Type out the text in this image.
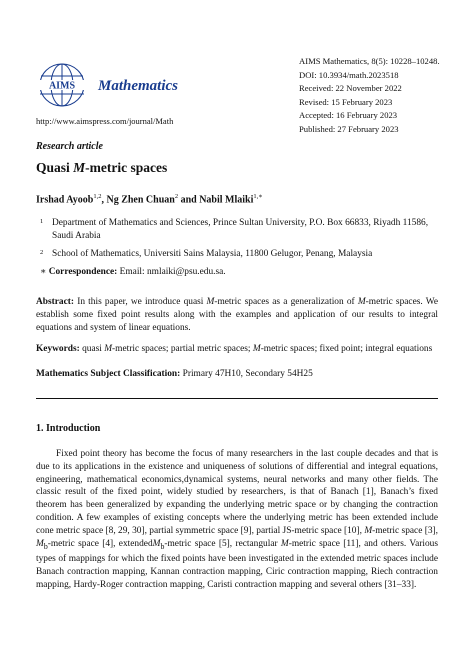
AIMS Mathematics
http://www.aimspress.com/journal/Math
AIMS Mathematics, 8(5): 10228–10248.
DOI: 10.3934/math.2023518
Received: 22 November 2022
Revised: 15 February 2023
Accepted: 16 February 2023
Published: 27 February 2023
Research article
Quasi M-metric spaces
Irshad Ayoob$^{1,2}$, Ng Zhen Chuan$^2$ and Nabil Mlaiki$^{1,∗}$
1 Department of Mathematics and Sciences, Prince Sultan University, P.O. Box 66833, Riyadh 11586, Saudi Arabia
2 School of Mathematics, Universiti Sains Malaysia, 11800 Gelugor, Penang, Malaysia
∗ Correspondence: Email: nmlaiki@psu.edu.sa.
Abstract: In this paper, we introduce quasi M-metric spaces as a generalization of M-metric spaces. We establish some fixed point results along with the examples and application of our results to integral equations and system of linear equations.
Keywords: quasi M-metric spaces; partial metric spaces; M-metric spaces; fixed point; integral equations
Mathematics Subject Classification: Primary 47H10, Secondary 54H25
1. Introduction
Fixed point theory has become the focus of many researchers in the last couple decades and that is due to its applications in the existence and uniqueness of solutions of differential and integral equations, engineering, mathematical economics,dynamical systems, neural networks and many other fields. The classic result of the fixed point, widely studied by researchers, is that of Banach [1], Banach’s fixed theorem has been generalized by expanding the underlying metric space or by changing the contraction condition. A few examples of existing concepts where the underlying metric has been extended include cone metric space [8, 29, 30], partial symmetric space [9], partial JS-metric space [10], M-metric space [3], $M_b$-metric space [4], extendedM$_b$-metric space [5], rectangular M-metric space [11], and others. Various types of mappings for which the fixed points have been investigated in the extended metric spaces include Banach contraction mapping, Kannan contraction mapping, Ciric contraction mapping, Riech contraction mapping, Hardy-Roger contraction mapping, Caristi contraction mapping and several others [31–33].
